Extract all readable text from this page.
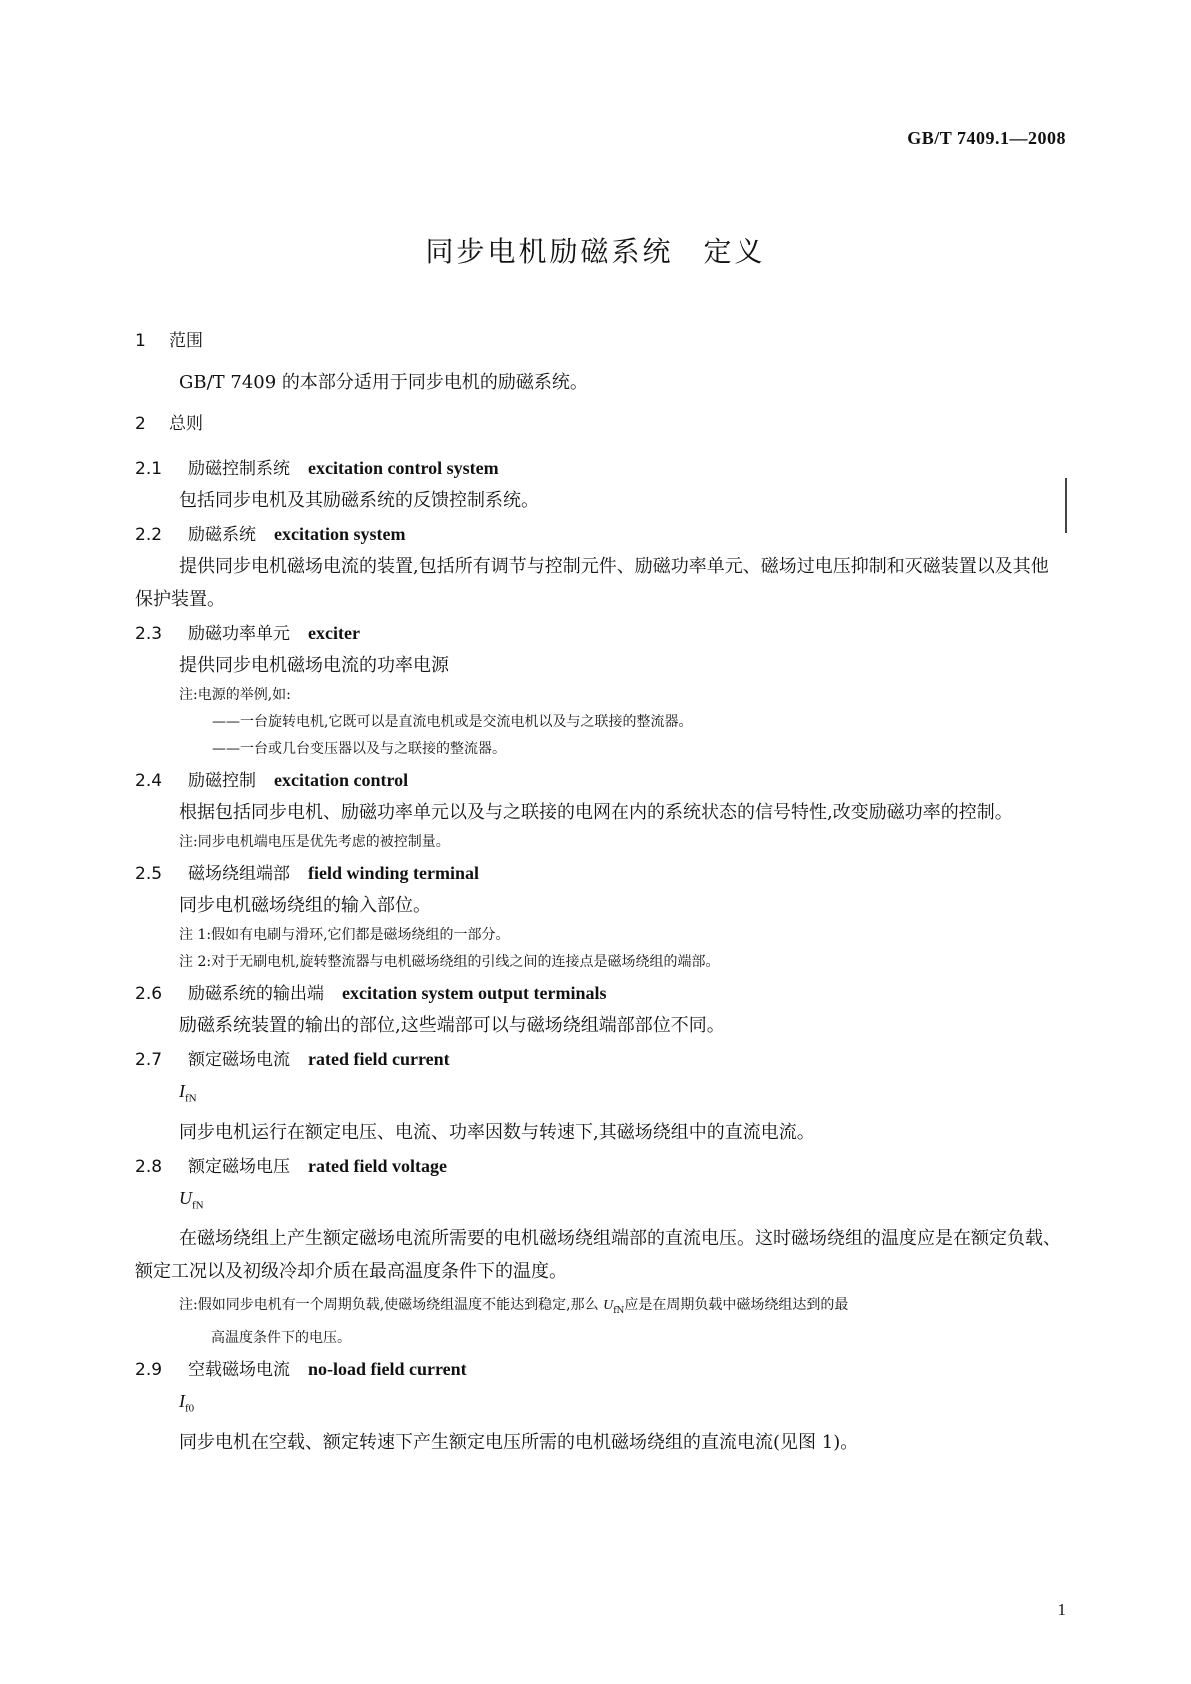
GB/T 7409.1—2008
同步电机励磁系统 定义

1 范围

GB/T 7409 的本部分适用于同步电机的励磁系统。

2 总则

2.1 励磁控制系统 excitation control system

包括同步电机及其励磁系统的反馈控制系统。

2.2 励磁系统 excitation system

提供同步电机磁场电流的装置,包括所有调节与控制元件、励磁功率单元、磁场过电压抑制和灭磁装置以及其他保护装置。

2.3 励磁功率单元 exciter

提供同步电机磁场电流的功率电源

注:电源的举例,如:

——一台旋转电机,它既可以是直流电机或是交流电机以及与之联接的整流器。

——一台或几台变压器以及与之联接的整流器。

2.4 励磁控制 excitation control

根据包括同步电机、励磁功率单元以及与之联接的电网在内的系统状态的信号特性,改变励磁功率的控制。

注:同步电机端电压是优先考虑的被控制量。

2.5 磁场绕组端部 field winding terminal

同步电机磁场绕组的输入部位。

注 1:假如有电刷与滑环,它们都是磁场绕组的一部分。

注 2:对于无刷电机,旋转整流器与电机磁场绕组的引线之间的连接点是磁场绕组的端部。

2.6 励磁系统的输出端 excitation system output terminals

励磁系统装置的输出的部位,这些端部可以与磁场绕组端部部位不同。

2.7 额定磁场电流 rated field current

$I_{fN}$

同步电机运行在额定电压、电流、功率因数与转速下,其磁场绕组中的直流电流。

2.8 额定磁场电压 rated field voltage

$U_{fN}$

在磁场绕组上产生额定磁场电流所需要的电机磁场绕组端部的直流电压。这时磁场绕组的温度应是在额定负载、额定工况以及初级冷却介质在最高温度条件下的温度。

注:假如同步电机有一个周期负载,使磁场绕组温度不能达到稳定,那么 $U_{fN}$应是在周期负载中磁场绕组达到的最
高温度条件下的电压。

2.9 空载磁场电流 no-load field current

$I_{f0}$

同步电机在空载、额定转速下产生额定电压所需的电机磁场绕组的直流电流(见图 1)。

1
